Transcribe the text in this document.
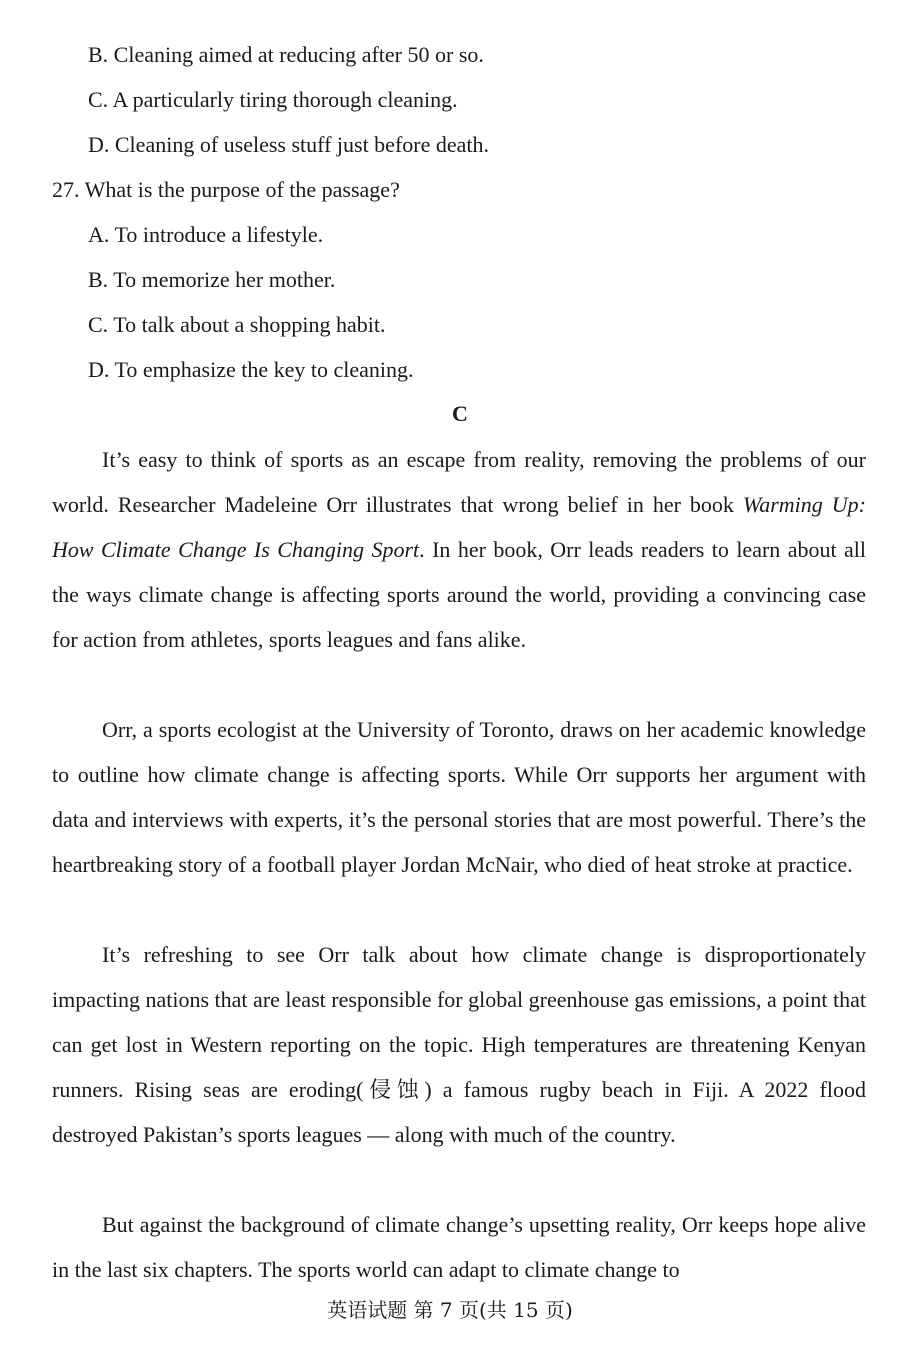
B. Cleaning aimed at reducing after 50 or so.
C. A particularly tiring thorough cleaning.
D. Cleaning of useless stuff just before death.
27. What is the purpose of the passage?
A. To introduce a lifestyle.
B. To memorize her mother.
C. To talk about a shopping habit.
D. To emphasize the key to cleaning.
C

It’s easy to think of sports as an escape from reality, removing the problems of our world. Researcher Madeleine Orr illustrates that wrong belief in her book Warming Up: How Climate Change Is Changing Sport. In her book, Orr leads readers to learn about all the ways climate change is affecting sports around the world, providing a convincing case for action from athletes, sports leagues and fans alike.

Orr, a sports ecologist at the University of Toronto, draws on her academic knowledge to outline how climate change is affecting sports. While Orr supports her argument with data and interviews with experts, it’s the personal stories that are most powerful. There’s the heartbreaking story of a football player Jordan McNair, who died of heat stroke at practice.

It’s refreshing to see Orr talk about how climate change is disproportionately impacting nations that are least responsible for global greenhouse gas emissions, a point that can get lost in Western reporting on the topic. High temperatures are threatening Kenyan runners. Rising seas are eroding(侵蚀) a famous rugby beach in Fiji. A 2022 flood destroyed Pakistan’s sports leagues — along with much of the country.

But against the background of climate change’s upsetting reality, Orr keeps hope alive in the last six chapters. The sports world can adapt to climate change to

英语试题 第 7 页(共 15 页)
